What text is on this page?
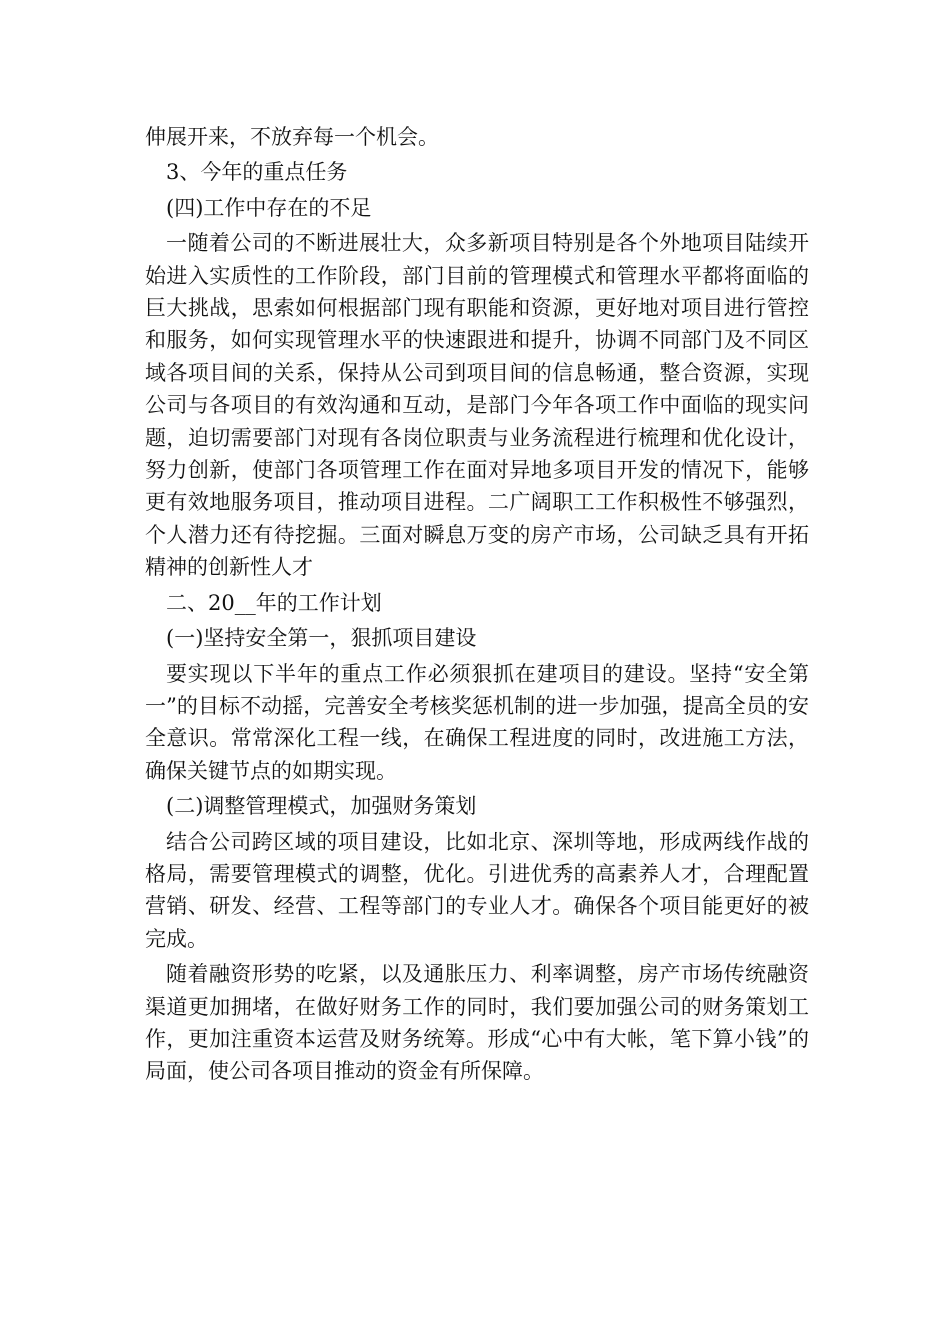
伸展开来，不放弃每一个机会。

3、今年的重点任务

(四)工作中存在的不足

一随着公司的不断进展壮大，众多新项目特别是各个外地项目陆续开始进入实质性的工作阶段，部门目前的管理模式和管理水平都将面临的巨大挑战，思索如何根据部门现有职能和资源，更好地对项目进行管控和服务，如何实现管理水平的快速跟进和提升，协调不同部门及不同区域各项目间的关系，保持从公司到项目间的信息畅通，整合资源，实现公司与各项目的有效沟通和互动，是部门今年各项工作中面临的现实问题，迫切需要部门对现有各岗位职责与业务流程进行梳理和优化设计，努力创新，使部门各项管理工作在面对异地多项目开发的情况下，能够更有效地服务项目，推动项目进程。二广阔职工工作积极性不够强烈，个人潜力还有待挖掘。三面对瞬息万变的房产市场，公司缺乏具有开拓精神的创新性人才

二、20__年的工作计划

(一)坚持安全第一，狠抓项目建设

要实现以下半年的重点工作必须狠抓在建项目的建设。坚持“安全第一”的目标不动摇，完善安全考核奖惩机制的进一步加强，提高全员的安全意识。常常深化工程一线，在确保工程进度的同时，改进施工方法，确保关键节点的如期实现。

(二)调整管理模式，加强财务策划

结合公司跨区域的项目建设，比如北京、深圳等地，形成两线作战的格局，需要管理模式的调整，优化。引进优秀的高素养人才，合理配置营销、研发、经营、工程等部门的专业人才。确保各个项目能更好的被完成。

随着融资形势的吃紧，以及通胀压力、利率调整，房产市场传统融资渠道更加拥堵，在做好财务工作的同时，我们要加强公司的财务策划工作，更加注重资本运营及财务统筹。形成“心中有大帐，笔下算小钱”的局面，使公司各项目推动的资金有所保障。
